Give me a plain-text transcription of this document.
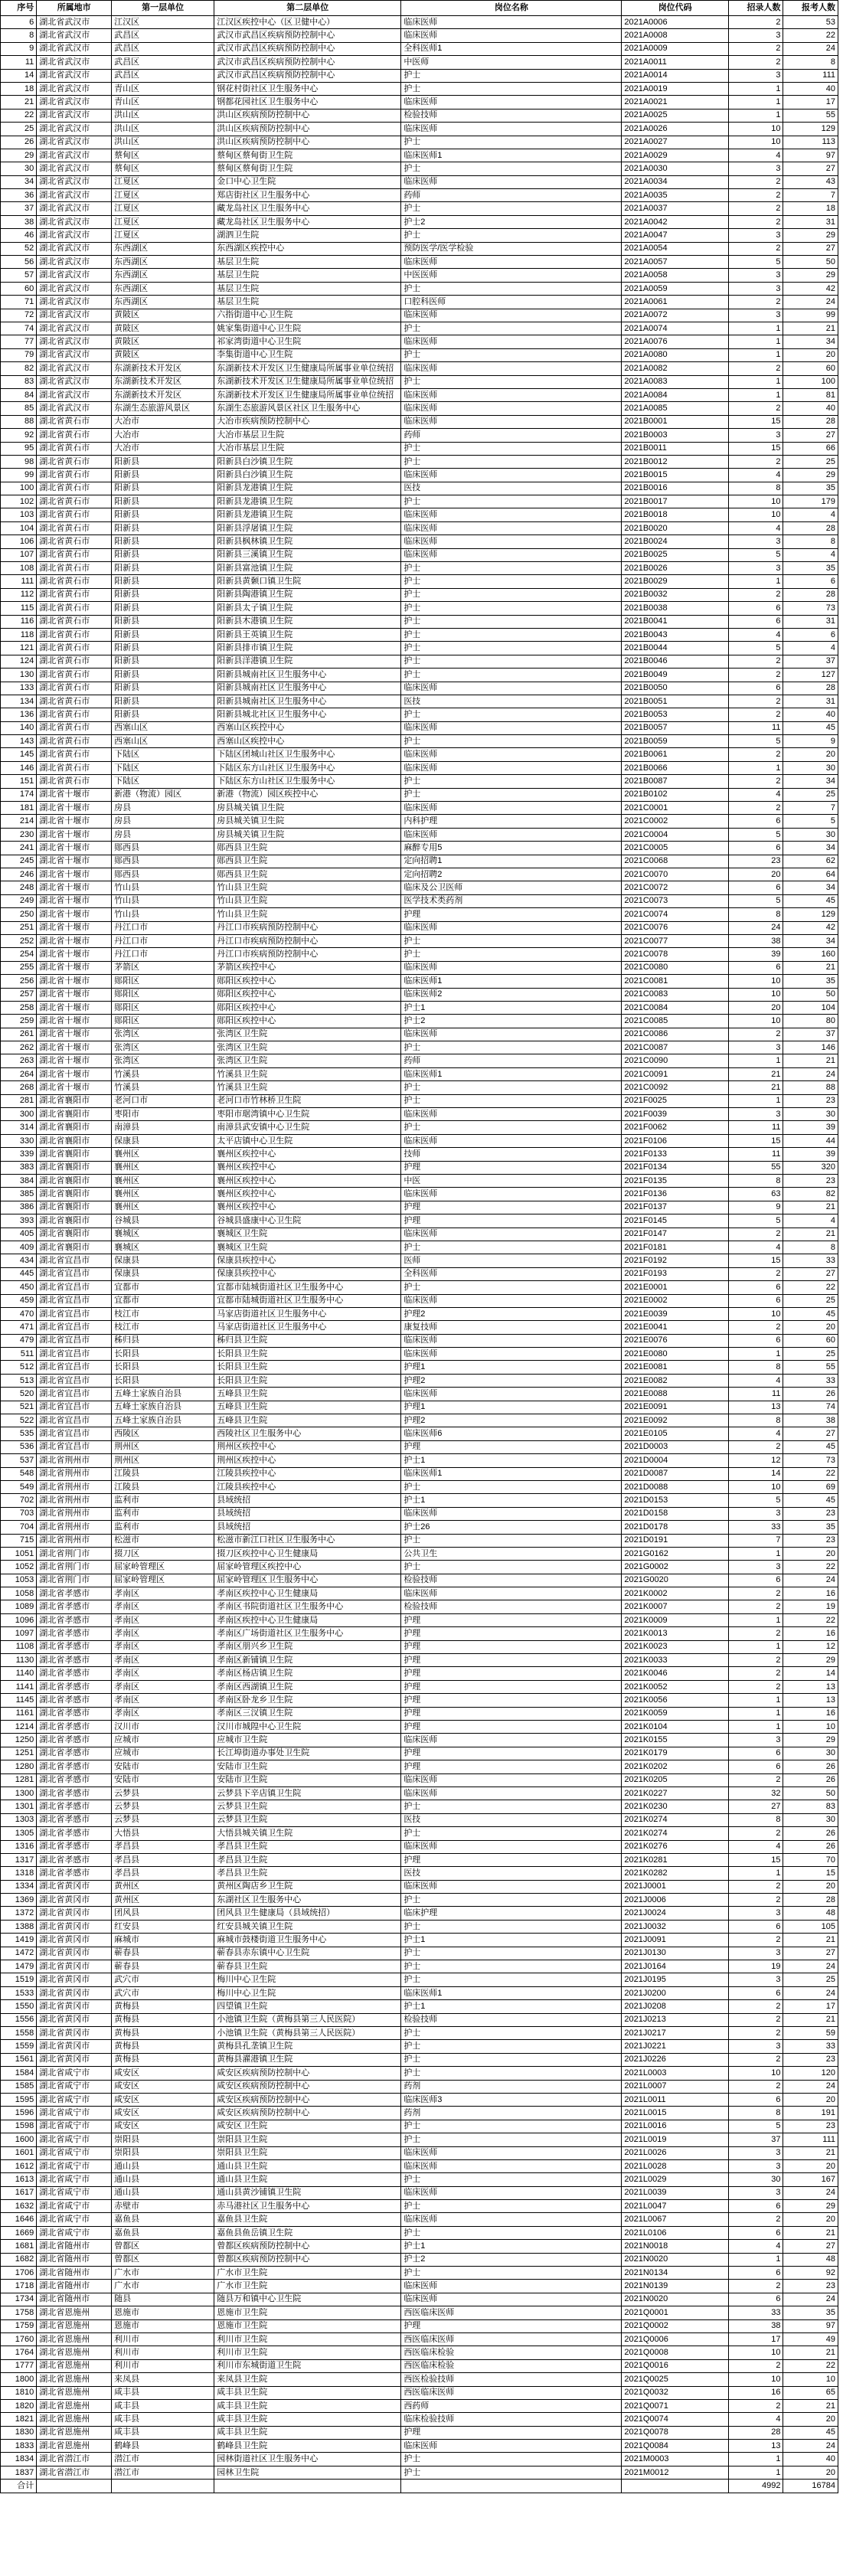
序号	所属地市	第一层单位	第二层单位	岗位名称	岗位代码	招录人数	报考人数
6	湖北省武汉市	江汉区	江汉区疾控中心（区卫健中心）	临床医师	2021A0006	2	53
8	湖北省武汉市	武昌区	武汉市武昌区疾病预防控制中心	临床医师	2021A0008	3	22
9	湖北省武汉市	武昌区	武汉市武昌区疾病预防控制中心	全科医师1	2021A0009	2	24
11	湖北省武汉市	武昌区	武汉市武昌区疾病预防控制中心	中医师	2021A0011	2	8
14	湖北省武汉市	武昌区	武汉市武昌区疾病预防控制中心	护士	2021A0014	3	111
18	湖北省武汉市	青山区	钢花村街社区卫生服务中心	护士	2021A0019	1	40
21	湖北省武汉市	青山区	钢都花园社区卫生服务中心	临床医师	2021A0021	1	17
22	湖北省武汉市	洪山区	洪山区疾病预防控制中心	检验技师	2021A0025	1	55
25	湖北省武汉市	洪山区	洪山区疾病预防控制中心	临床医师	2021A0026	10	129
26	湖北省武汉市	洪山区	洪山区疾病预防控制中心	护士	2021A0027	10	113
29	湖北省武汉市	蔡甸区	蔡甸区蔡甸街卫生院	临床医师1	2021A0029	4	97
30	湖北省武汉市	蔡甸区	蔡甸区蔡甸街卫生院	护士	2021A0030	3	27
34	湖北省武汉市	江夏区	金口中心卫生院	临床医师	2021A0034	2	43
36	湖北省武汉市	江夏区	郑店街社区卫生服务中心	药师	2021A0035	2	7
37	湖北省武汉市	江夏区	藏龙岛社区卫生服务中心	护士	2021A0037	2	18
38	湖北省武汉市	江夏区	藏龙岛社区卫生服务中心	护士2	2021A0042	2	31
46	湖北省武汉市	江夏区	湖泗卫生院	护士	2021A0047	3	29
52	湖北省武汉市	东西湖区	东西湖区疾控中心	预防医学/医学检验	2021A0054	2	27
56	湖北省武汉市	东西湖区	基层卫生院	临床医师	2021A0057	5	50
57	湖北省武汉市	东西湖区	基层卫生院	中医医师	2021A0058	3	29
60	湖北省武汉市	东西湖区	基层卫生院	护士	2021A0059	3	42
71	湖北省武汉市	东西湖区	基层卫生院	口腔科医师	2021A0061	2	24
72	湖北省武汉市	黄陂区	六指街道中心卫生院	临床医师	2021A0072	3	99
74	湖北省武汉市	黄陂区	姚家集街道中心卫生院	护士	2021A0074	1	21
77	湖北省武汉市	黄陂区	祁家湾街道中心卫生院	临床医师	2021A0076	1	34
79	湖北省武汉市	黄陂区	李集街道中心卫生院	护士	2021A0080	1	20
82	湖北省武汉市	东湖新技术开发区	东湖新技术开发区卫生健康局所属事业单位统招	临床医师	2021A0082	2	60
83	湖北省武汉市	东湖新技术开发区	东湖新技术开发区卫生健康局所属事业单位统招	护士	2021A0083	1	100
84	湖北省武汉市	东湖新技术开发区	东湖新技术开发区卫生健康局所属事业单位统招	临床医师	2021A0084	1	81
85	湖北省武汉市	东湖生态旅游风景区	东湖生态旅游风景区社区卫生服务中心	临床医师	2021A0085	2	40
88	湖北省黄石市	大冶市	大冶市疾病预防控制中心	临床医师	2021B0001	15	28
92	湖北省黄石市	大冶市	大冶市基层卫生院	药师	2021B0003	3	27
95	湖北省黄石市	大冶市	大冶市基层卫生院	护士	2021B0011	15	66
98	湖北省黄石市	阳新县	阳新县白沙镇卫生院	护士	2021B0012	2	25
99	湖北省黄石市	阳新县	阳新县白沙镇卫生院	临床医师	2021B0015	4	29
100	湖北省黄石市	阳新县	阳新县龙港镇卫生院	医技	2021B0016	8	35
102	湖北省黄石市	阳新县	阳新县龙港镇卫生院	护士	2021B0017	10	179
103	湖北省黄石市	阳新县	阳新县龙港镇卫生院	临床医师	2021B0018	10	4
104	湖北省黄石市	阳新县	阳新县浮屠镇卫生院	临床医师	2021B0020	4	28
106	湖北省黄石市	阳新县	阳新县枫林镇卫生院	临床医师	2021B0024	3	8
107	湖北省黄石市	阳新县	阳新县三溪镇卫生院	临床医师	2021B0025	5	4
108	湖北省黄石市	阳新县	阳新县富池镇卫生院	护士	2021B0026	3	35
111	湖北省黄石市	阳新县	阳新县黄颡口镇卫生院	护士	2021B0029	1	6
112	湖北省黄石市	阳新县	阳新县陶港镇卫生院	护士	2021B0032	2	28
115	湖北省黄石市	阳新县	阳新县太子镇卫生院	护士	2021B0038	6	73
116	湖北省黄石市	阳新县	阳新县木港镇卫生院	护士	2021B0041	6	31
118	湖北省黄石市	阳新县	阳新县王英镇卫生院	护士	2021B0043	4	6
121	湖北省黄石市	阳新县	阳新县排市镇卫生院	护士	2021B0044	5	4
124	湖北省黄石市	阳新县	阳新县洋港镇卫生院	护士	2021B0046	2	37
130	湖北省黄石市	阳新县	阳新县城南社区卫生服务中心	护士	2021B0049	2	127
133	湖北省黄石市	阳新县	阳新县城南社区卫生服务中心	临床医师	2021B0050	6	28
134	湖北省黄石市	阳新县	阳新县城南社区卫生服务中心	医技	2021B0051	2	31
136	湖北省黄石市	阳新县	阳新县城北社区卫生服务中心	护士	2021B0053	2	40
140	湖北省黄石市	西塞山区	西塞山区疾控中心	临床医师	2021B0057	11	45
143	湖北省黄石市	西塞山区	西塞山区疾控中心	护士	2021B0059	5	9
145	湖北省黄石市	下陆区	下陆区团城山社区卫生服务中心	临床医师	2021B0061	2	20
146	湖北省黄石市	下陆区	下陆区东方山社区卫生服务中心	临床医师	2021B0066	1	30
151	湖北省黄石市	下陆区	下陆区东方山社区卫生服务中心	护士	2021B0087	2	34
174	湖北省十堰市	新港（物流）园区	新港（物流）园区疾控中心	护士	2021B0102	4	25
181	湖北省十堰市	房县	房县城关镇卫生院	临床医师	2021C0001	2	7
214	湖北省十堰市	房县	房县城关镇卫生院	内科护理	2021C0002	6	5
230	湖北省十堰市	房县	房县城关镇卫生院	临床医师	2021C0004	5	30
241	湖北省十堰市	郧西县	郧西县卫生院	麻醉专用5	2021C0005	6	34
245	湖北省十堰市	郧西县	郧西县卫生院	定向招聘1	2021C0068	23	62
246	湖北省十堰市	郧西县	郧西县卫生院	定向招聘2	2021C0070	20	64
248	湖北省十堰市	竹山县	竹山县卫生院	临床及公卫医师	2021C0072	6	34
249	湖北省十堰市	竹山县	竹山县卫生院	医学技术类药剂	2021C0073	5	45
250	湖北省十堰市	竹山县	竹山县卫生院	护理	2021C0074	8	129
251	湖北省十堰市	丹江口市	丹江口市疾病预防控制中心	临床医师	2021C0076	24	42
252	湖北省十堰市	丹江口市	丹江口市疾病预防控制中心	护士	2021C0077	38	34
254	湖北省十堰市	丹江口市	丹江口市疾病预防控制中心	护士	2021C0078	39	160
255	湖北省十堰市	茅箭区	茅箭区疾控中心	临床医师	2021C0080	6	21
256	湖北省十堰市	郧阳区	郧阳区疾控中心	临床医师1	2021C0081	10	35
257	湖北省十堰市	郧阳区	郧阳区疾控中心	临床医师2	2021C0083	10	50
258	湖北省十堰市	郧阳区	郧阳区疾控中心	护士1	2021C0084	20	104
259	湖北省十堰市	郧阳区	郧阳区疾控中心	护士2	2021C0085	10	80
261	湖北省十堰市	张湾区	张湾区卫生院	临床医师	2021C0086	2	37
262	湖北省十堰市	张湾区	张湾区卫生院	护士	2021C0087	3	146
263	湖北省十堰市	张湾区	张湾区卫生院	药师	2021C0090	1	21
264	湖北省十堰市	竹溪县	竹溪县卫生院	临床医师1	2021C0091	21	24
268	湖北省十堰市	竹溪县	竹溪县卫生院	护士	2021C0092	21	88
281	湖北省襄阳市	老河口市	老河口市竹林桥卫生院	护士	2021F0025	1	23
300	湖北省襄阳市	枣阳市	枣阳市琚湾镇中心卫生院	临床医师	2021F0039	3	30
314	湖北省襄阳市	南漳县	南漳县武安镇中心卫生院	护士	2021F0062	11	39
330	湖北省襄阳市	保康县	太平店镇中心卫生院	临床医师	2021F0106	15	44
339	湖北省襄阳市	襄州区	襄州区疾控中心	技师	2021F0133	11	39
383	湖北省襄阳市	襄州区	襄州区疾控中心	护理	2021F0134	55	320
384	湖北省襄阳市	襄州区	襄州区疾控中心	中医	2021F0135	8	23
385	湖北省襄阳市	襄州区	襄州区疾控中心	临床医师	2021F0136	63	82
386	湖北省襄阳市	襄州区	襄州区疾控中心	护理	2021F0137	9	21
393	湖北省襄阳市	谷城县	谷城县盛康中心卫生院	护理	2021F0145	5	4
405	湖北省襄阳市	襄城区	襄城区卫生院	临床医师	2021F0147	2	21
409	湖北省襄阳市	襄城区	襄城区卫生院	护士	2021F0181	4	8
434	湖北省宜昌市	保康县	保康县疾控中心	医师	2021F0192	15	33
445	湖北省宜昌市	保康县	保康县疾控中心	全科医师	2021F0193	2	27
450	湖北省宜昌市	宜都市	宜都市陆城街道社区卫生服务中心	护士	2021E0001	6	22
459	湖北省宜昌市	宜都市	宜都市陆城街道社区卫生服务中心	临床医师	2021E0002	6	25
470	湖北省宜昌市	枝江市	马家店街道社区卫生服务中心	护理2	2021E0039	10	45
471	湖北省宜昌市	枝江市	马家店街道社区卫生服务中心	康复技师	2021E0041	2	20
479	湖北省宜昌市	秭归县	秭归县卫生院	临床医师	2021E0076	6	60
511	湖北省宜昌市	长阳县	长阳县卫生院	临床医师	2021E0080	1	25
512	湖北省宜昌市	长阳县	长阳县卫生院	护理1	2021E0081	8	55
513	湖北省宜昌市	长阳县	长阳县卫生院	护理2	2021E0082	4	33
520	湖北省宜昌市	五峰土家族自治县	五峰县卫生院	临床医师	2021E0088	11	26
521	湖北省宜昌市	五峰土家族自治县	五峰县卫生院	护理1	2021E0091	13	74
522	湖北省宜昌市	五峰土家族自治县	五峰县卫生院	护理2	2021E0092	8	38
535	湖北省宜昌市	西陵区	西陵社区卫生服务中心	临床医师6	2021E0105	4	27
536	湖北省宜昌市	荆州区	荆州区疾控中心	护理	2021D0003	2	45
537	湖北省荆州市	荆州区	荆州区疾控中心	护士1	2021D0004	12	73
548	湖北省荆州市	江陵县	江陵县疾控中心	临床医师1	2021D0087	14	22
549	湖北省荆州市	江陵县	江陵县疾控中心	护士	2021D0088	10	69
702	湖北省荆州市	监利市	县域统招	护士1	2021D0153	5	45
703	湖北省荆州市	监利市	县域统招	临床医师	2021D0158	3	23
704	湖北省荆州市	监利市	县域统招	护士26	2021D0178	33	35
715	湖北省荆州市	松滋市	松滋市新江口社区卫生服务中心	护士	2021D0191	7	23
1051	湖北省荆门市	掇刀区	掇刀区疾控中心卫生健康局	公共卫生	2021G0162	1	20
1052	湖北省荆门市	屈家岭管理区	屈家岭管理区疾控中心	护士	2021G0002	3	22
1053	湖北省荆门市	屈家岭管理区	屈家岭管理区卫生服务中心	检验技师	2021G0020	6	24
1058	湖北省孝感市	孝南区	孝南区疾控中心卫生健康局	临床医师	2021K0002	2	16
1089	湖北省孝感市	孝南区	孝南区书院街道社区卫生服务中心	检验技师	2021K0007	2	19
1096	湖北省孝感市	孝南区	孝南区疾控中心卫生健康局	护理	2021K0009	1	22
1097	湖北省孝感市	孝南区	孝南区广场街道社区卫生服务中心	护理	2021K0013	2	16
1108	湖北省孝感市	孝南区	孝南区朋兴乡卫生院	护理	2021K0023	1	12
1130	湖北省孝感市	孝南区	孝南区新铺镇卫生院	护理	2021K0033	2	29
1140	湖北省孝感市	孝南区	孝南区杨店镇卫生院	护理	2021K0046	2	14
1141	湖北省孝感市	孝南区	孝南区西湖镇卫生院	护理	2021K0052	2	13
1145	湖北省孝感市	孝南区	孝南区卧龙乡卫生院	护理	2021K0056	1	13
1161	湖北省孝感市	孝南区	孝南区三汊镇卫生院	护理	2021K0059	1	16
1214	湖北省孝感市	汉川市	汉川市城隍中心卫生院	护理	2021K0104	1	10
1250	湖北省孝感市	应城市	应城市卫生院	临床医师	2021K0155	3	29
1251	湖北省孝感市	应城市	长江埠街道办事处卫生院	护理	2021K0179	6	30
1280	湖北省孝感市	安陆市	安陆市卫生院	护理	2021K0202	6	26
1281	湖北省孝感市	安陆市	安陆市卫生院	临床医师	2021K0205	2	26
1300	湖北省孝感市	云梦县	云梦县下辛店镇卫生院	临床医师	2021K0227	32	50
1301	湖北省孝感市	云梦县	云梦县卫生院	护士	2021K0230	27	83
1303	湖北省孝感市	云梦县	云梦县卫生院	医技	2021K0274	8	30
1305	湖北省孝感市	大悟县	大悟县城关镇卫生院	护士	2021K0274	2	26
1316	湖北省孝感市	孝昌县	孝昌县卫生院	临床医师	2021K0276	4	26
1317	湖北省孝感市	孝昌县	孝昌县卫生院	护理	2021K0281	15	70
1318	湖北省孝感市	孝昌县	孝昌县卫生院	医技	2021K0282	1	15
1334	湖北省黄冈市	黄州区	黄州区陶店乡卫生院	临床医师	2021J0001	2	20
1369	湖北省黄冈市	黄州区	东湖社区卫生服务中心	护士	2021J0006	2	28
1372	湖北省黄冈市	团风县	团风县卫生健康局（县域统招）	临床护理	2021J0024	3	48
1388	湖北省黄冈市	红安县	红安县城关镇卫生院	护士	2021J0032	6	105
1419	湖北省黄冈市	麻城市	麻城市鼓楼街道卫生服务中心	护士1	2021J0091	2	21
1472	湖北省黄冈市	蕲春县	蕲春县赤东镇中心卫生院	护士	2021J0130	3	27
1479	湖北省黄冈市	蕲春县	蕲春县卫生院	护士	2021J0164	19	24
1519	湖北省黄冈市	武穴市	梅川中心卫生院	护士	2021J0195	3	25
1533	湖北省黄冈市	武穴市	梅川中心卫生院	临床医师1	2021J0200	6	24
1550	湖北省黄冈市	黄梅县	四望镇卫生院	护士1	2021J0208	2	17
1556	湖北省黄冈市	黄梅县	小池镇卫生院（黄梅县第三人民医院）	检验技师	2021J0213	2	21
1558	湖北省黄冈市	黄梅县	小池镇卫生院（黄梅县第三人民医院）	护士	2021J0217	2	59
1559	湖北省黄冈市	黄梅县	黄梅县孔垄镇卫生院	护士	2021J0221	3	33
1561	湖北省黄冈市	黄梅县	黄梅县濯港镇卫生院	护士	2021J0226	2	23
1584	湖北省咸宁市	咸安区	咸安区疾病预防控制中心	护士	2021L0003	10	120
1585	湖北省咸宁市	咸安区	咸安区疾病预防控制中心	药剂	2021L0007	2	24
1595	湖北省咸宁市	咸安区	咸安区疾病预防控制中心	临床医师3	2021L0011	6	20
1596	湖北省咸宁市	咸安区	咸安区疾病预防控制中心	药剂	2021L0015	8	191
1598	湖北省咸宁市	咸安区	咸安区卫生院	护士	2021L0016	5	23
1600	湖北省咸宁市	崇阳县	崇阳县卫生院	护士	2021L0019	37	111
1601	湖北省咸宁市	崇阳县	崇阳县卫生院	临床医师	2021L0026	3	21
1612	湖北省咸宁市	通山县	通山县卫生院	临床医师	2021L0028	3	20
1613	湖北省咸宁市	通山县	通山县卫生院	护士	2021L0029	30	167
1617	湖北省咸宁市	通山县	通山县黄沙铺镇卫生院	临床医师	2021L0039	3	24
1632	湖北省咸宁市	赤壁市	赤马港社区卫生服务中心	护士	2021L0047	6	29
1646	湖北省咸宁市	嘉鱼县	嘉鱼县卫生院	临床医师	2021L0067	2	20
1669	湖北省咸宁市	嘉鱼县	嘉鱼县鱼岳镇卫生院	护士	2021L0106	6	21
1681	湖北省随州市	曾都区	曾都区疾病预防控制中心	护士1	2021N0018	4	27
1682	湖北省随州市	曾都区	曾都区疾病预防控制中心	护士2	2021N0020	1	48
1706	湖北省随州市	广水市	广水市卫生院	护士	2021N0134	6	92
1718	湖北省随州市	广水市	广水市卫生院	临床医师	2021N0139	2	23
1734	湖北省随州市	随县	随县万和镇中心卫生院	临床医师	2021N0020	6	24
1758	湖北省恩施州	恩施市	恩施市卫生院	西医临床医师	2021Q0001	33	35
1759	湖北省恩施州	恩施市	恩施市卫生院	护理	2021Q0002	38	97
1760	湖北省恩施州	利川市	利川市卫生院	西医临床医师	2021Q0006	17	49
1764	湖北省恩施州	利川市	利川市卫生院	西医临床检验	2021Q0008	10	21
1777	湖北省恩施州	利川市	利川市东城街道卫生院	西医临床检验	2021Q0016	2	22
1800	湖北省恩施州	来凤县	来凤县卫生院	西医检验技师	2021Q0025	10	10
1810	湖北省恩施州	咸丰县	咸丰县卫生院	西医临床医师	2021Q0032	16	65
1820	湖北省恩施州	咸丰县	咸丰县卫生院	西药师	2021Q0071	2	21
1821	湖北省恩施州	咸丰县	咸丰县卫生院	临床检验技师	2021Q0074	4	20
1830	湖北省恩施州	咸丰县	咸丰县卫生院	护理	2021Q0078	28	45
1833	湖北省恩施州	鹤峰县	鹤峰县卫生院	临床医师	2021Q0084	13	24
1834	湖北省潜江市	潜江市	园林街道社区卫生服务中心	护士	2021M0003	1	40
1837	湖北省潜江市	潜江市	园林卫生院	护士	2021M0012	1	20
合计						4992	16784
